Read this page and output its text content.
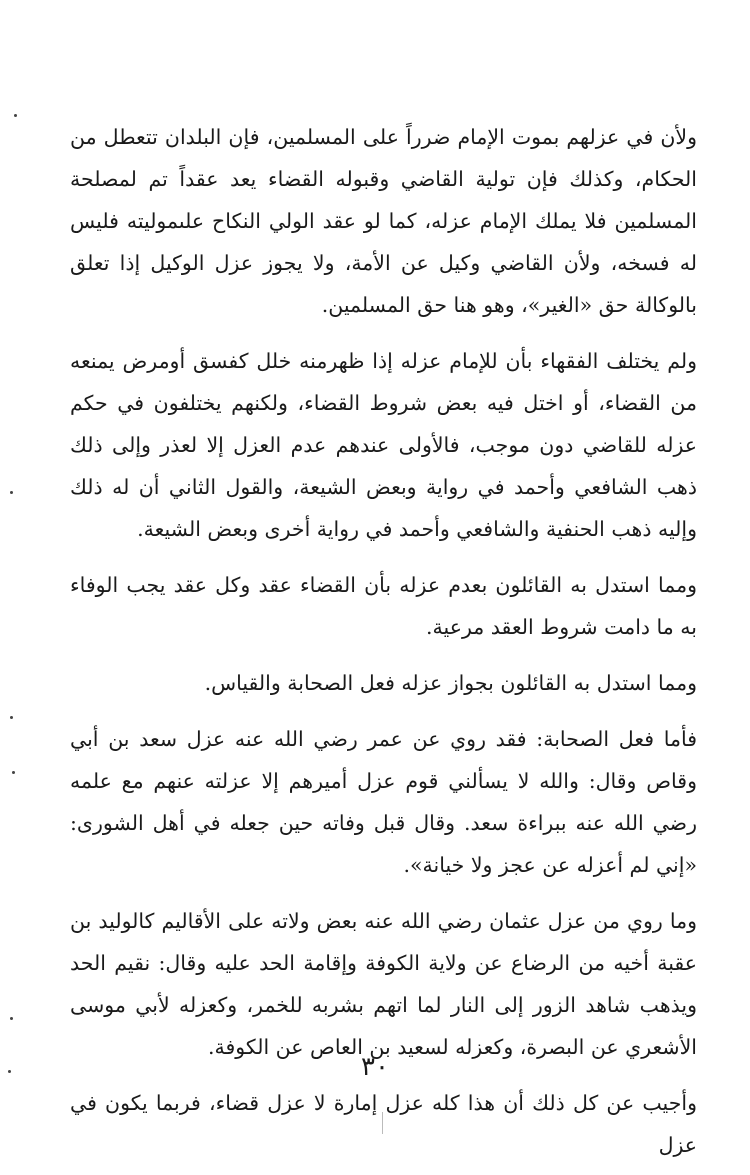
ولأن في عزلهم بموت الإمام ضرراً على المسلمين، فإن البلدان تتعطل من الحكام، وكذلك فإن تولية القاضي وقبوله القضاء يعد عقداً تم لمصلحة المسلمين فلا يملك الإمام عزله، كما لو عقد الولي النكاح علىموليته فليس له فسخه، ولأن القاضي وكيل عن الأمة، ولا يجوز عزل الوكيل إذا تعلق بالوكالة حق «الغير»، وهو هنا حق المسلمين.

ولم يختلف الفقهاء بأن للإمام عزله إذا ظهرمنه خلل كفسق أومرض يمنعه من القضاء، أو اختل فيه بعض شروط القضاء، ولكنهم يختلفون في حكم عزله للقاضي دون موجب، فالأولى عندهم عدم العزل إلا لعذر وإلى ذلك ذهب الشافعي وأحمد في رواية وبعض الشيعة، والقول الثاني أن له ذلك وإليه ذهب الحنفية والشافعي وأحمد في رواية أخرى وبعض الشيعة.

ومما استدل به القائلون بعدم عزله بأن القضاء عقد وكل عقد يجب الوفاء به ما دامت شروط العقد مرعية.

ومما استدل به القائلون بجواز عزله فعل الصحابة والقياس.

فأما فعل الصحابة: فقد روي عن عمر رضي الله عنه عزل سعد بن أبي وقاص وقال: والله لا يسألني قوم عزل أميرهم إلا عزلته عنهم مع علمه رضي الله عنه ببراءة سعد. وقال قبل وفاته حين جعله في أهل الشورى: «إني لم أعزله عن عجز ولا خيانة».

وما روي من عزل عثمان رضي الله عنه بعض ولاته على الأقاليم كالوليد بن عقبة أخيه من الرضاع عن ولاية الكوفة وإقامة الحد عليه وقال: نقيم الحد ويذهب شاهد الزور إلى النار لما اتهم بشربه للخمر، وكعزله لأبي موسى الأشعري عن البصرة، وكعزله لسعيد بن العاص عن الكوفة.

وأجيب عن كل ذلك أن هذا كله عزل إمارة لا عزل قضاء، فربما يكون في عزل

٣٠
